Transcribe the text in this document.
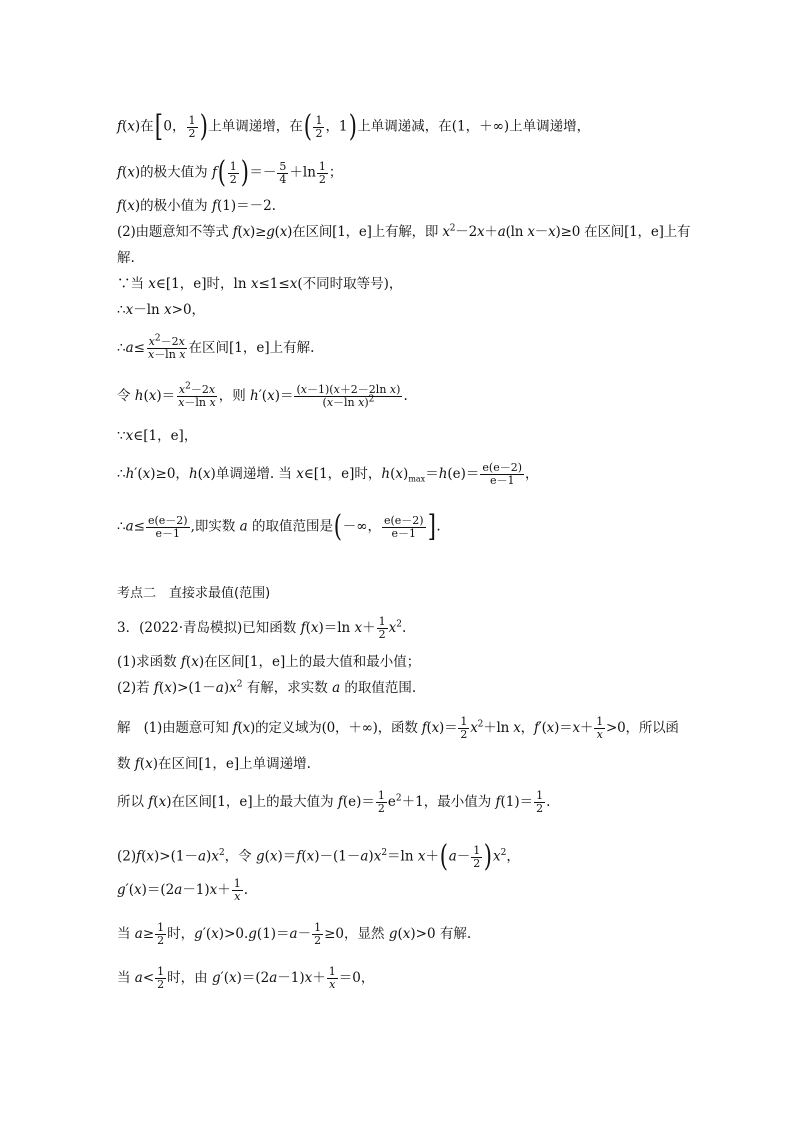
f(x)在[0， $\frac{1}{2}$ )上单调递增，在( $\frac{1}{2}$ ，1)上单调递减，在(1，＋∞)上单调递增，
f(x)的极大值为 $f( \frac{1}{2}$ )＝－ $\frac{5}{4} +\ln \frac{1}{2}$ ；
f(x)的极小值为 f(1)＝－2.
(2)由题意知不等式 f(x)≥g(x)在区间[1，e]上有解，即 $x^2-2x+a(\ln$ x－x)≥0 在区间[1，e]上有
解.
∵当 x∈[1，e]时，ln x≤1≤x(不同时取等号)，
∴x－ln x>0，
∴a≤ $\frac{x^2-2x}{\text{x－ln x}}$ 在区间[1，e]上有解.
令 $h(x)= \frac{x^2-2x}{\text{x－ln x}}$ ，则 $h'(x)= \frac{\text{(x－1)(x＋2－2ln x)}}{(x-\ln x)^2}$ .
∵x∈[1，e]，
∴h′(x)≥0，h(x)单调递增. 当 x∈[1，e]时，$h(x)_{max}=h(e)= \frac{e(e-2)}{e-1}$ ，
∴a≤ $\frac{e(e-2)}{e-1}$ ,即实数 a 的取值范围是(－∞， $\frac{e(e-2)}{e-1}$ ].
考点二　直接求最值(范围)
3．(2022·青岛模拟)已知函数 f(x)＝ln $x+ \frac{1}{2} x^2$.
(1)求函数 f(x)在区间[1，e]上的最大值和最小值；
(2)若 $f(x)>(1-a)x^2$ 有解，求实数 a 的取值范围.
解　(1)由题意可知 f(x)的定义域为(0，＋∞)，函数 $f(x)= \frac{1}{2} x^2+\ln$ x，$f'(x)=x+ \frac{1}{x} >0$，所以函
数 f(x)在区间[1，e]上单调递增.
所以 f(x)在区间[1，e]上的最大值为 $f(e)= \frac{1}{2} e^2+1$，最小值为 $f(1)= \frac{1}{2}$ .
$(2)f(x)>(1-a)x^2$，令 $g(x)=f(x)-(1-a)x^2=\ln$ $x+(a- \frac{1}{2} )x^2$，
$g'(x)=(2a-1)x+ \frac{1}{x}$ .
当 $a\ge \frac{1}{2}$ 时，$g'(x)>0.g(1)=a- \frac{1}{2} \ge 0$，显然 g(x)>0 有解.
当 $a< \frac{1}{2}$ 时，由 $g'(x)=(2a-1)x+ \frac{1}{x} =0$，
